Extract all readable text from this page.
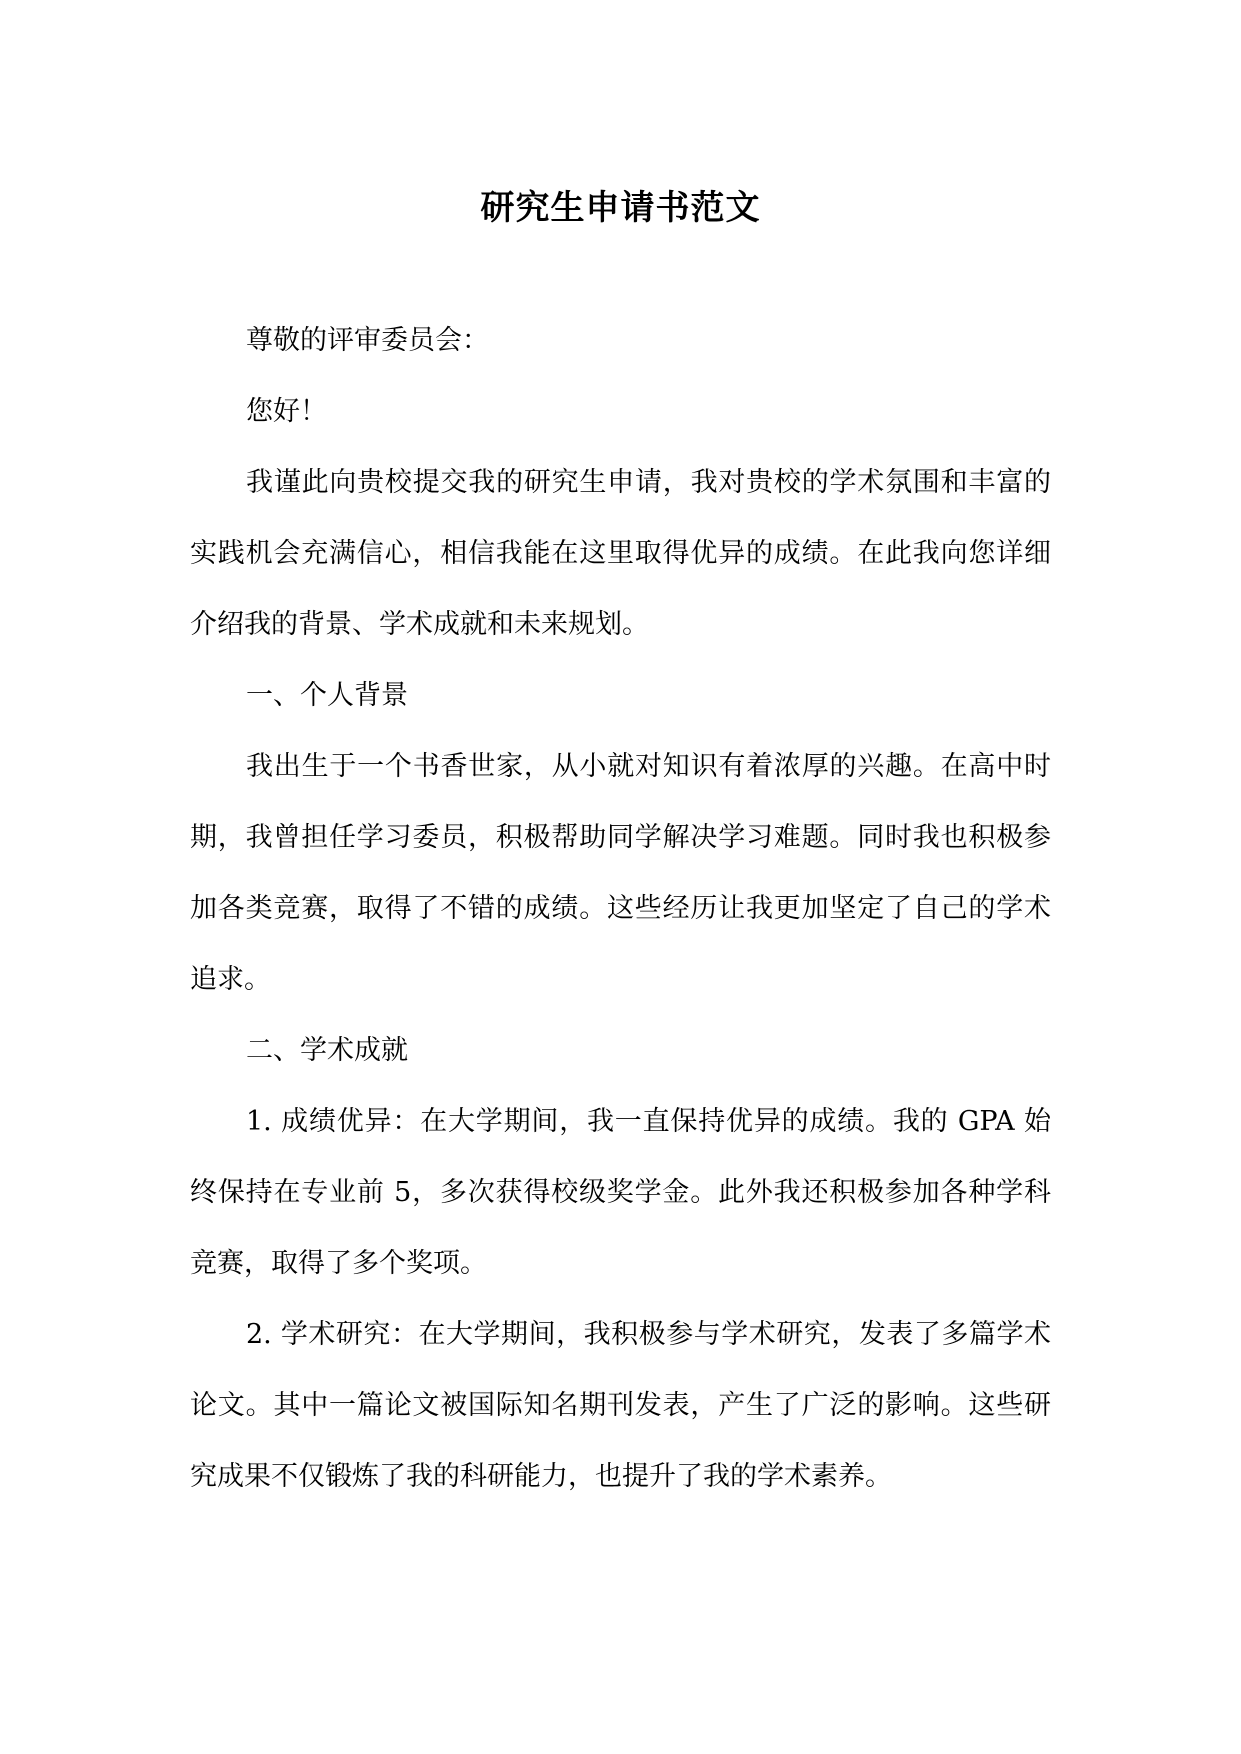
研究生申请书范文

尊敬的评审委员会：

您好！

我谨此向贵校提交我的研究生申请，我对贵校的学术氛围和丰富的实践机会充满信心，相信我能在这里取得优异的成绩。在此我向您详细介绍我的背景、学术成就和未来规划。

一、个人背景

我出生于一个书香世家，从小就对知识有着浓厚的兴趣。在高中时期，我曾担任学习委员，积极帮助同学解决学习难题。同时我也积极参加各类竞赛，取得了不错的成绩。这些经历让我更加坚定了自己的学术追求。

二、学术成就

1. 成绩优异：在大学期间，我一直保持优异的成绩。我的 GPA 始终保持在专业前 5，多次获得校级奖学金。此外我还积极参加各种学科竞赛，取得了多个奖项。

2. 学术研究：在大学期间，我积极参与学术研究，发表了多篇学术论文。其中一篇论文被国际知名期刊发表，产生了广泛的影响。这些研究成果不仅锻炼了我的科研能力，也提升了我的学术素养。
